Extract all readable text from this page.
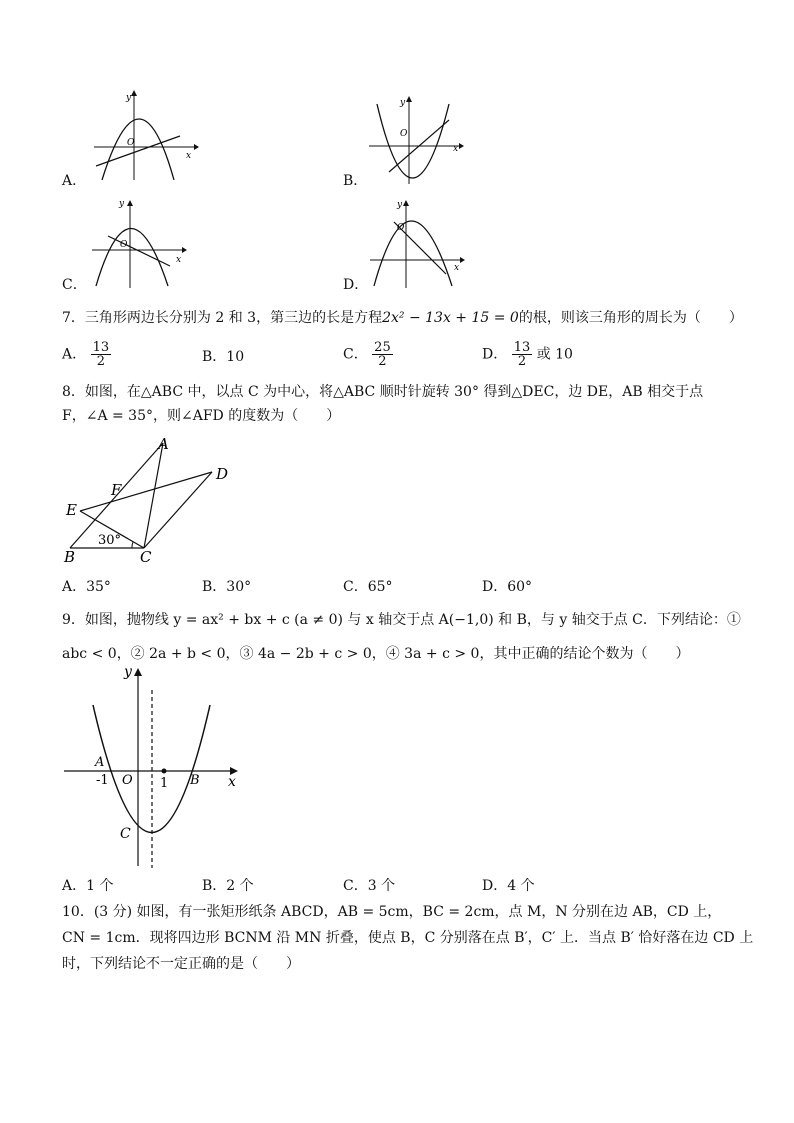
x
y
O
A．
x
y
O
B．
x
y
O
C．
x
y
O
D．
7．三角形两边长分别为 2 和 3，第三边的长是方程2x² − 13x + 15 = 0的根，则该三角形的周长为（　　）
A． $\frac{13}{2}$	B．10	C． $\frac{25}{2}$	D． $\frac{13}{2}$ 或 10
8．如图，在△ABC 中，以点 C 为中心，将△ABC 顺时针旋转 30° 得到△DEC，边 DE，AB 相交于点
F，∠A = 35°，则∠AFD 的度数为（　　）
A
D
F
E
B	C
30°
A．35°	B．30°	C．65°	D．60°
9．如图，抛物线 y = ax² + bx + c (a ≠ 0) 与 x 轴交于点 A(−1,0) 和 B，与 y 轴交于点 C．下列结论：①
abc < 0，② 2a + b < 0，③ 4a − 2b + c > 0，④ 3a + c > 0，其中正确的结论个数为（　　）
y
x
A
-1 O 1 B
C
A．1 个	B．2 个	C．3 个	D．4 个
10．(3 分) 如图，有一张矩形纸条 ABCD，AB = 5cm，BC = 2cm，点 M，N 分别在边 AB，CD 上，
CN = 1cm．现将四边形 BCNM 沿 MN 折叠，使点 B，C 分别落在点 B′，C′ 上．当点 B′ 恰好落在边 CD 上
时，下列结论不一定正确的是（　　）
